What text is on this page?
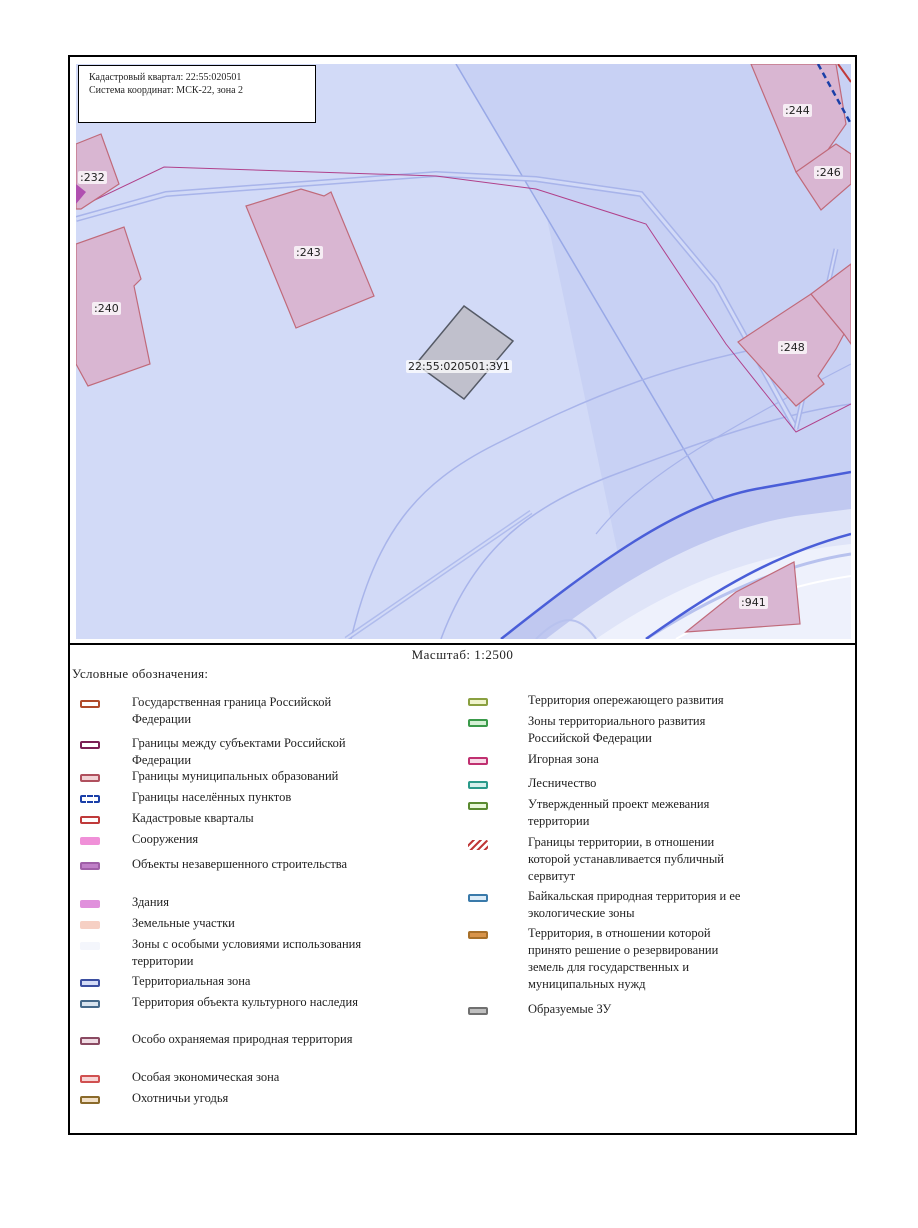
:232
:240
:243
:244
:246
:248
:941
22:55:020501:ЗУ1
Кадастровый квартал: 22:55:020501
Система координат: МСК-22, зона 2
Масштаб: 1:2500
Условные обозначения:
Государственная граница Российской Федерации
Границы между субъектами Российской Федерации
Границы муниципальных образований
Границы населённых пунктов
Кадастровые кварталы
Сооружения
Объекты незавершенного строительства
Здания
Земельные участки
Зоны с особыми условиями использования территории
Территориальная зона
Территория объекта культурного наследия
Особо охраняемая природная территория
Особая экономическая зона
Охотничьи угодья
Территория опережающего развития
Зоны территориального развития Российской Федерации
Игорная зона
Лесничество
Утвержденный проект межевания территории
Границы территории, в отношении которой устанавливается публичный сервитут
Байкальская природная территория и ее экологические зоны
Территория, в отношении которой принято решение о резервировании земель для государственных и муниципальных нужд
Образуемые ЗУ
